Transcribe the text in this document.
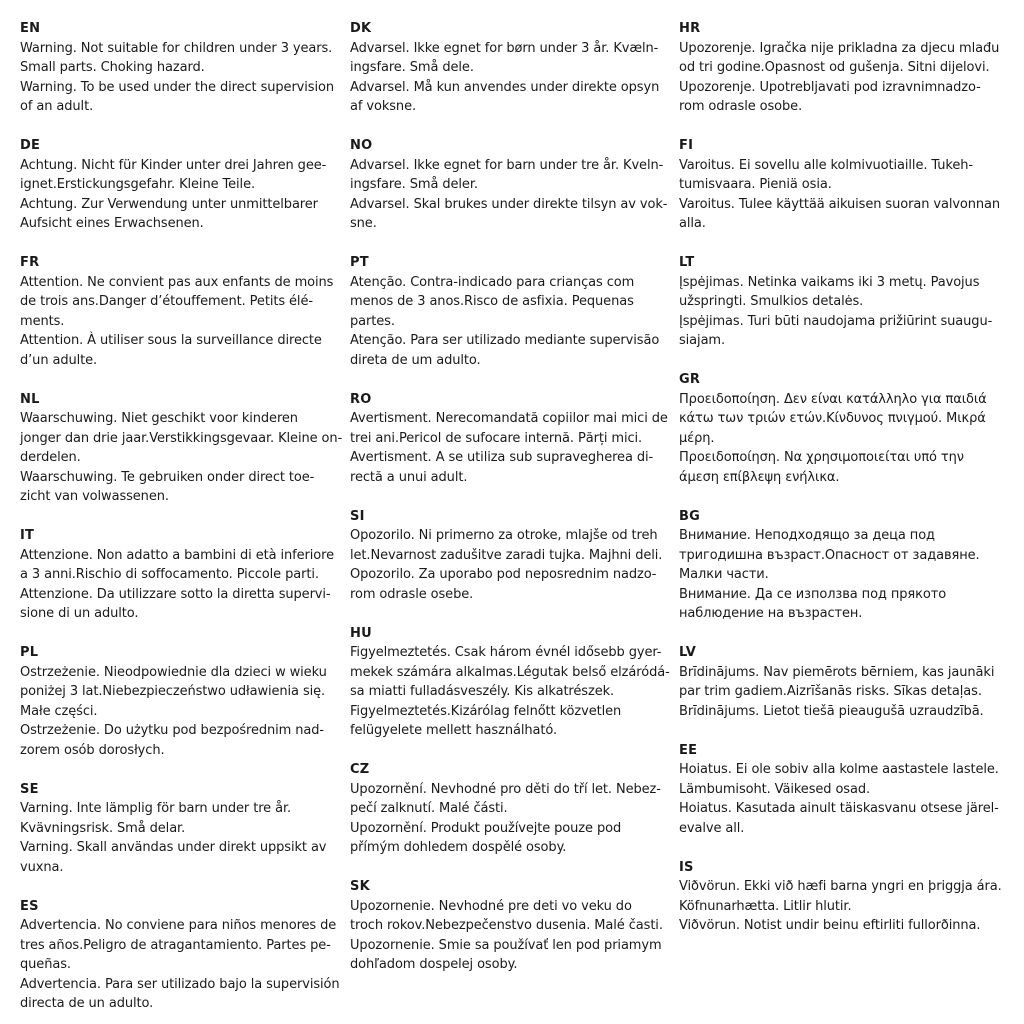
EN
Warning. Not suitable for children under 3 years.
Small parts. Choking hazard.
Warning. To be used under the direct supervision
of an adult.
DE
Achtung. Nicht für Kinder unter drei Jahren gee-
ignet.Erstickungsgefahr. Kleine Teile.
Achtung. Zur Verwendung unter unmittelbarer
Aufsicht eines Erwachsenen.
FR
Attention. Ne convient pas aux enfants de moins
de trois ans.Danger d’étouffement. Petits élé-
ments.
Attention. À utiliser sous la surveillance directe
d’un adulte.
NL
Waarschuwing. Niet geschikt voor kinderen
jonger dan drie jaar.Verstikkingsgevaar. Kleine on-
derdelen.
Waarschuwing. Te gebruiken onder direct toe-
zicht van volwassenen.
IT
Attenzione. Non adatto a bambini di età inferiore
a 3 anni.Rischio di soffocamento. Piccole parti.
Attenzione. Da utilizzare sotto la diretta supervi-
sione di un adulto.
PL
Ostrzeżenie. Nieodpowiednie dla dzieci w wieku
poniżej 3 lat.Niebezpieczeństwo udławienia się.
Małe części.
Ostrzeżenie. Do użytku pod bezpośrednim nad-
zorem osób dorosłych.
SE
Varning. Inte lämplig för barn under tre år.
Kvävningsrisk. Små delar.
Varning. Skall användas under direkt uppsikt av
vuxna.
ES
Advertencia. No conviene para niños menores de
tres años.Peligro de atragantamiento. Partes pe-
queñas.
Advertencia. Para ser utilizado bajo la supervisión
directa de un adulto.
DK
Advarsel. Ikke egnet for børn under 3 år. Kvæln-
ingsfare. Små dele.
Advarsel. Må kun anvendes under direkte opsyn
af voksne.
NO
Advarsel. Ikke egnet for barn under tre år. Kveln-
ingsfare. Små deler.
Advarsel. Skal brukes under direkte tilsyn av vok-
sne.
PT
Atenção. Contra-indicado para crianças com
menos de 3 anos.Risco de asfixia. Pequenas
partes.
Atenção. Para ser utilizado mediante supervisão
direta de um adulto.
RO
Avertisment. Nerecomandată copiilor mai mici de
trei ani.Pericol de sufocare internă. Părți mici.
Avertisment. A se utiliza sub supravegherea di-
rectă a unui adult.
SI
Opozorilo. Ni primerno za otroke, mlajše od treh
let.Nevarnost zadušitve zaradi tujka. Majhni deli.
Opozorilo. Za uporabo pod neposrednim nadzo-
rom odrasle osebe.
HU
Figyelmeztetés. Csak három évnél idősebb gyer-
mekek számára alkalmas.Légutak belső elzáródá-
sa miatti fulladásveszély. Kis alkatrészek.
Figyelmeztetés.Kizárólag felnőtt közvetlen
felügyelete mellett használható.
CZ
Upozornění. Nevhodné pro děti do tří let. Nebez-
pečí zalknutí. Malé části.
Upozornění. Produkt používejte pouze pod
přímým dohledem dospělé osoby.
SK
Upozornenie. Nevhodné pre deti vo veku do
troch rokov.Nebezpečenstvo dusenia. Malé časti.
Upozornenie. Smie sa používať len pod priamym
dohľadom dospelej osoby.
HR
Upozorenje. Igračka nije prikladna za djecu mlađu
od tri godine.Opasnost od gušenja. Sitni dijelovi.
Upozorenje. Upotrebljavati pod izravnimnadzo-
rom odrasle osobe.
FI
Varoitus. Ei sovellu alle kolmivuotiaille. Tukeh-
tumisvaara. Pieniä osia.
Varoitus. Tulee käyttää aikuisen suoran valvonnan
alla.
LT
Įspėjimas. Netinka vaikams iki 3 metų. Pavojus
užspringti. Smulkios detalės.
Įspėjimas. Turi būti naudojama prižiūrint suaugu-
siajam.
GR
Προειδοποίηση. Δεν είναι κατάλληλο για παιδιά
κάτω των τριών ετών.Κίνδυνος πνιγμού. Μικρά
μέρη.
Προειδοποίηση. Να χρησιμοποιείται υπό την
άμεση επίβλεψη ενήλικα.
BG
Внимание. Неподходящо за деца под
тригодишна възраст.Опасност от задавяне.
Малки части.
Внимание. Да се използва под прякото
наблюдение на възрастен.
LV
Brīdinājums. Nav piemērots bērniem, kas jaunāki
par trim gadiem.Aizrīšanās risks. Sīkas detaļas.
Brīdinājums. Lietot tiešā pieaugušā uzraudzībā.
EE
Hoiatus. Ei ole sobiv alla kolme aastastele lastele.
Lämbumisoht. Väikesed osad.
Hoiatus. Kasutada ainult täiskasvanu otsese järel-
evalve all.
IS
Viðvörun. Ekki við hæfi barna yngri en þriggja ára.
Köfnunarhætta. Litlir hlutir.
Viðvörun. Notist undir beinu eftirliti fullorðinna.
